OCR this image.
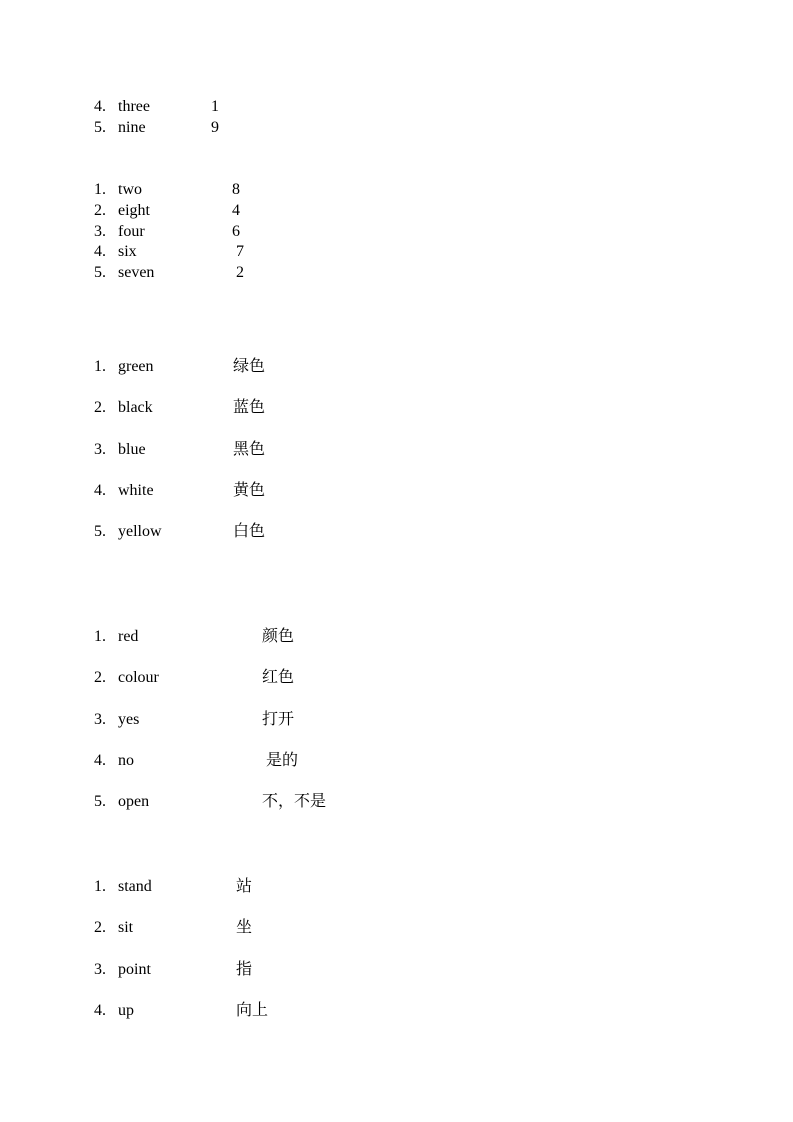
4. three	1
5. nine	9
1. two	8
2. eight	4
3. four	6
4. six	7
5. seven	2
1. green	绿色
2. black	蓝色
3. blue	黑色
4. white	黄色
5. yellow	白色
1. red	颜色
2. colour	红色
3. yes	打开
4. no	是的
5. open	不，不是
1. stand	站
2. sit	坐
3. point	指
4. up	向上
